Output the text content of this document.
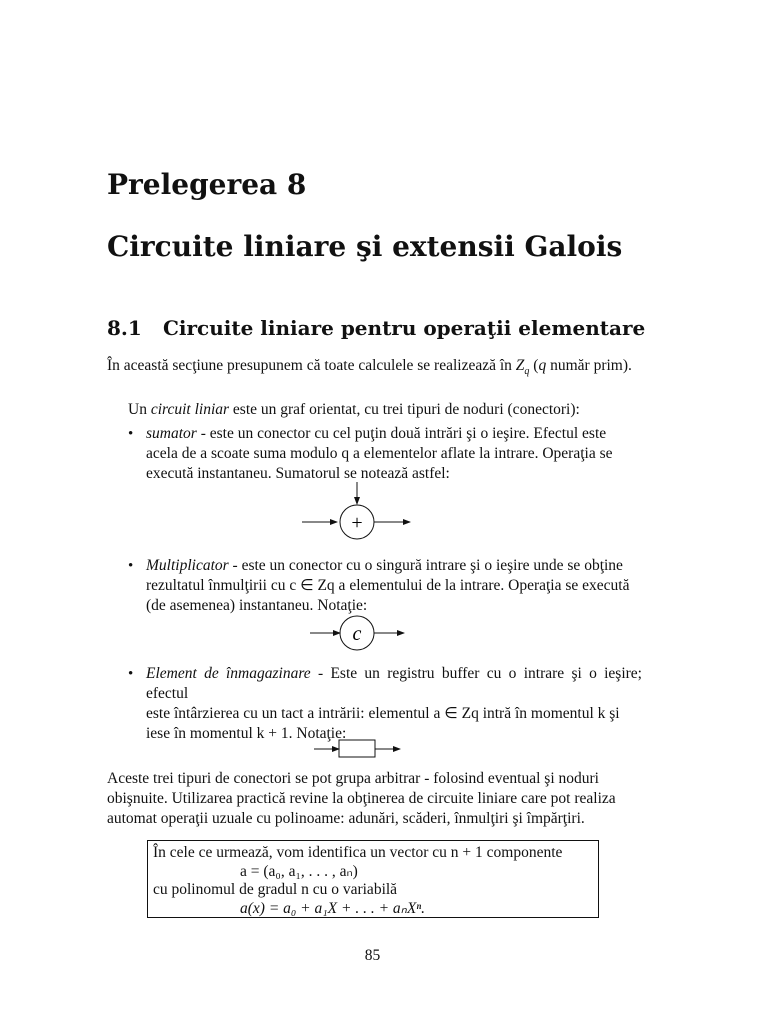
Prelegerea 8
Circuite liniare şi extensii Galois
8.1 Circuite liniare pentru operaţii elementare
În această secţiune presupunem că toate calculele se realizează în $Z_q$ (q număr prim).
Un circuit liniar este un graf orientat, cu trei tipuri de noduri (conectori):
• sumator - este un conector cu cel puţin două intrări şi o ieşire. Efectul este
acela de a scoate suma modulo q a elementelor aflate la intrare. Operaţia se
execută instantaneu. Sumatorul se notează astfel:
• Multiplicator - este un conector cu o singură intrare şi o ieşire unde se obţine
rezultatul înmulţirii cu c ∈ Zq a elementului de la intrare. Operaţia se execută
(de asemenea) instantaneu. Notaţie:
• Element de înmagazinare - Este un registru buffer cu o intrare şi o ieşire; efectul
este întârzierea cu un tact a intrării: elementul a ∈ Zq intră în momentul k şi
iese în momentul k + 1. Notaţie:
+
c
Aceste trei tipuri de conectori se pot grupa arbitrar - folosind eventual şi noduri
obişnuite. Utilizarea practică revine la obţinerea de circuite liniare care pot realiza
automat operaţii uzuale cu polinoame: adunări, scăderi, înmulţiri şi împărţiri.
În cele ce urmează, vom identifica un vector cu n + 1 componente
a = (a₀, a₁, . . . , aₙ)
cu polinomul de gradul n cu o variabilă
a(x) = a₀ + a₁X + . . . + aₙXⁿ.
85
